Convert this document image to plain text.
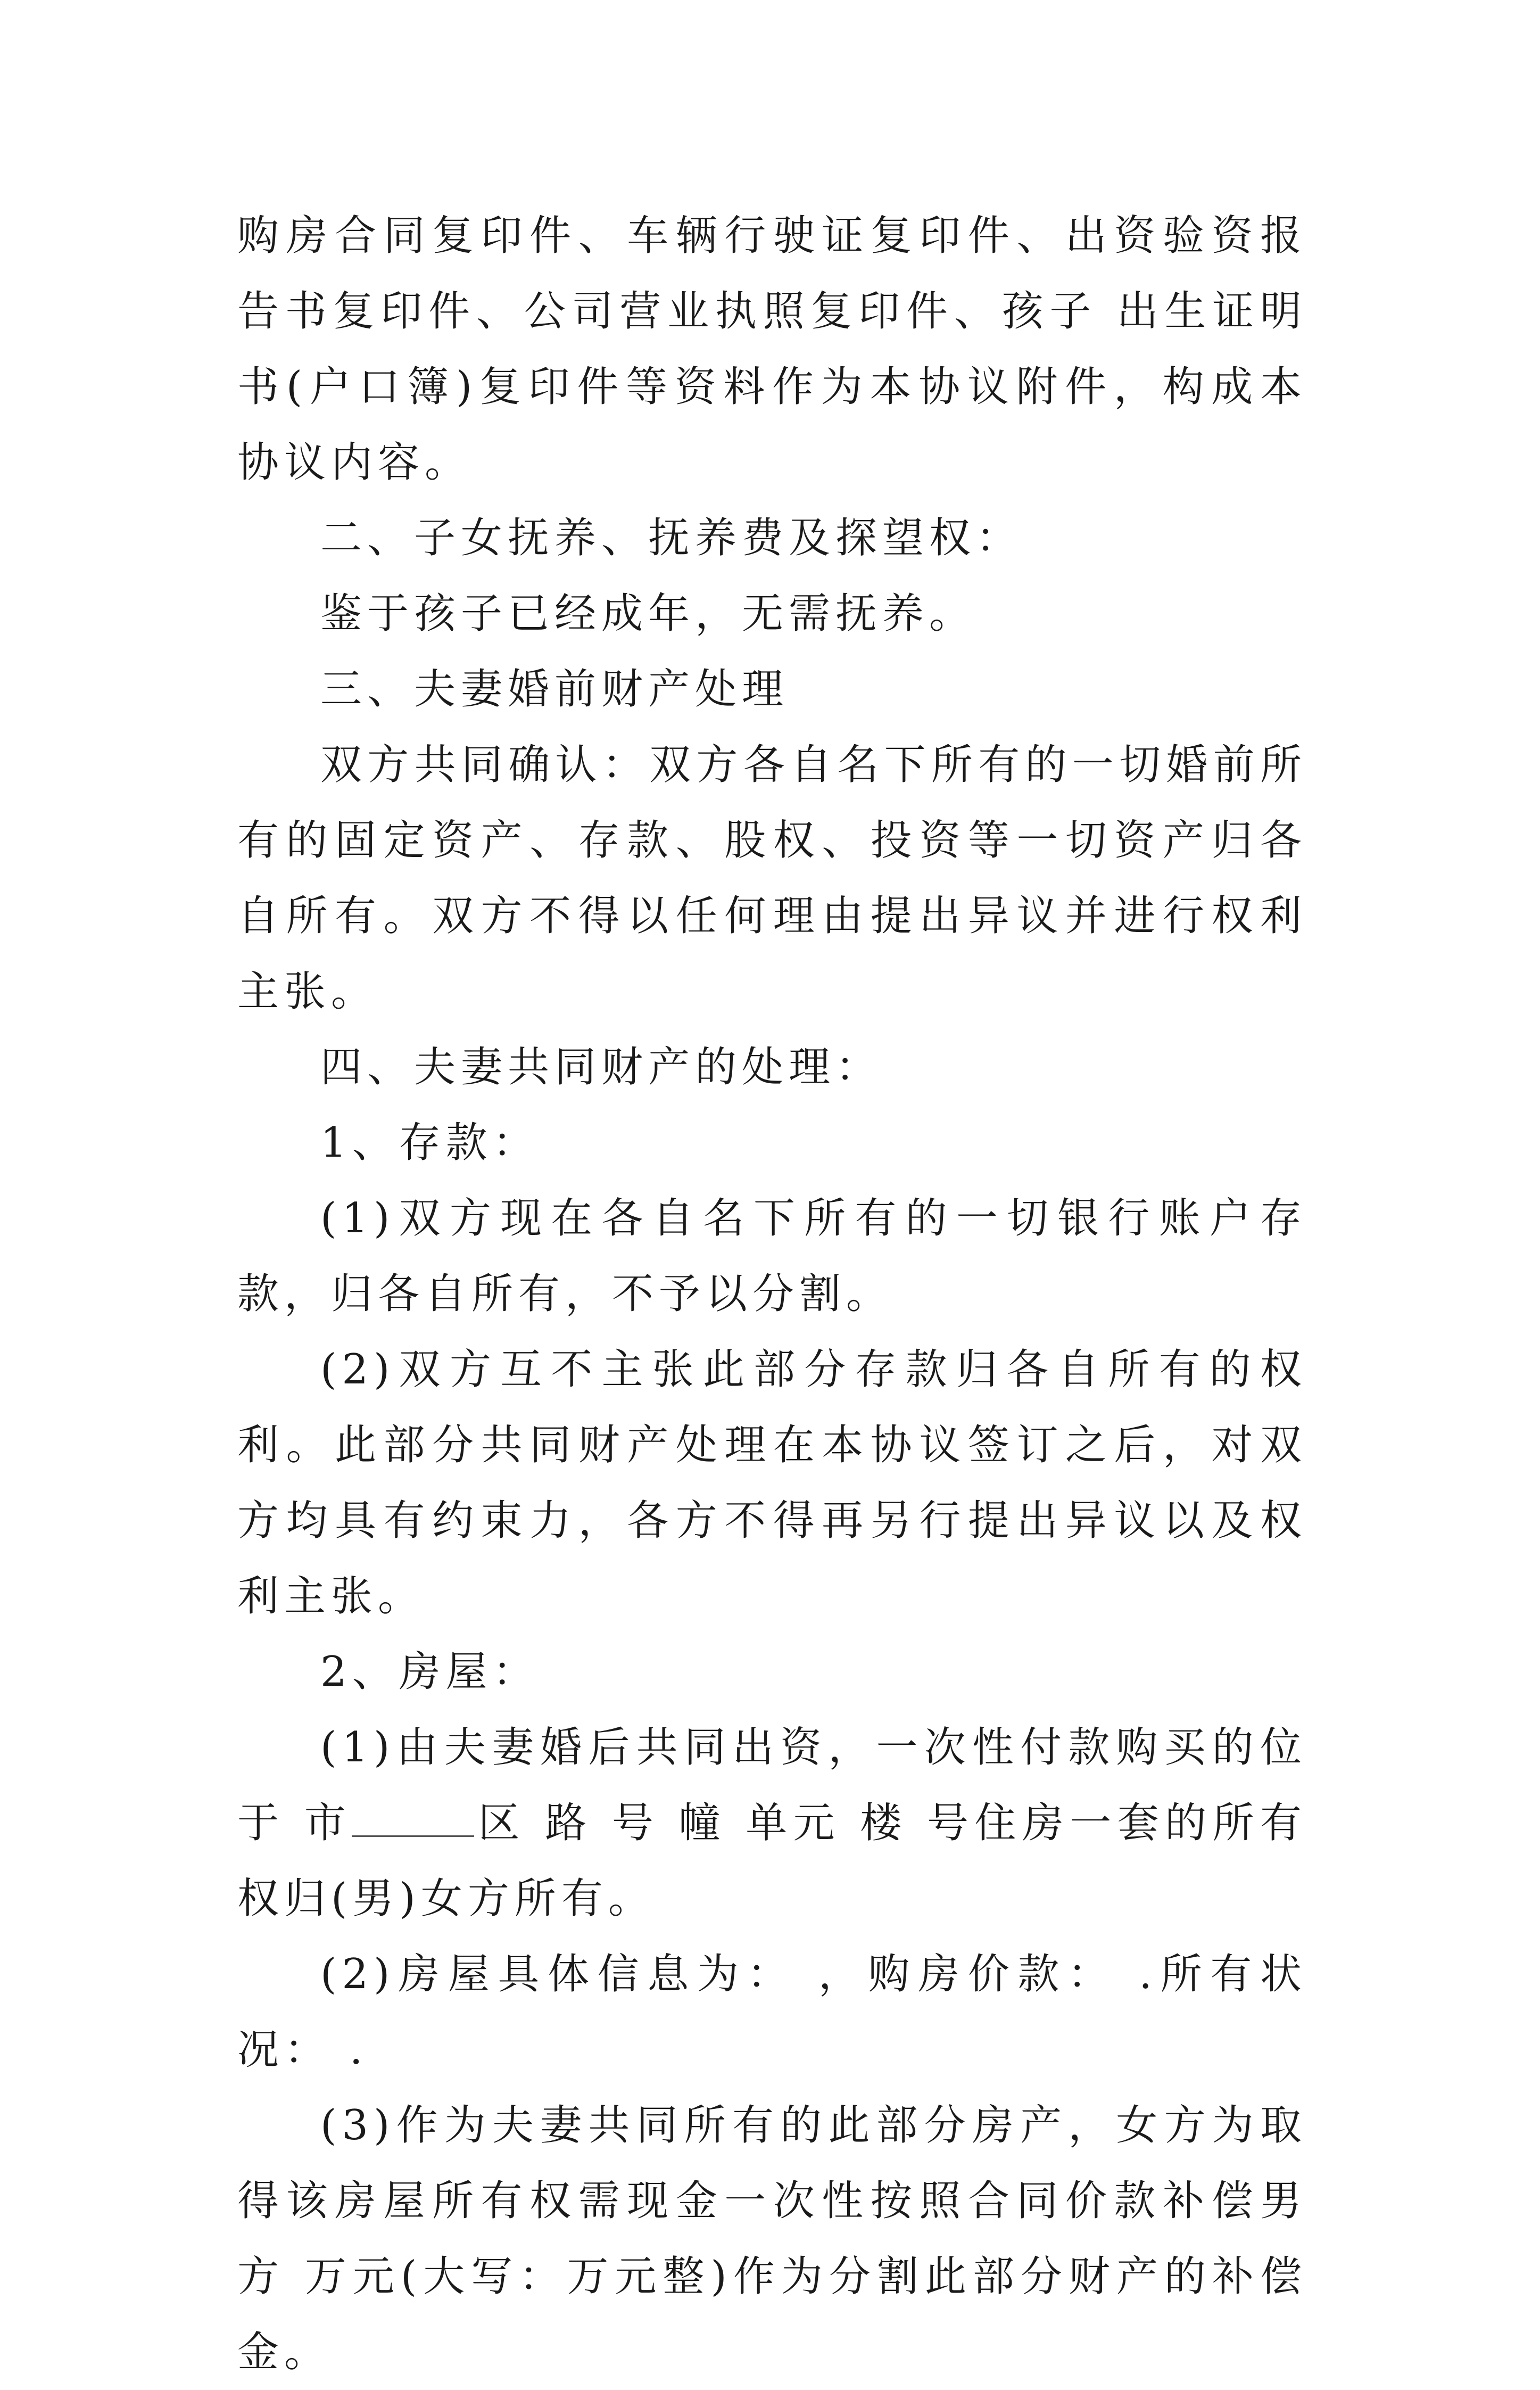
购房合同复印件、车辆行驶证复印件、出资验资报告书复印件、公司营业执照复印件、孩子 出生证明书(户口簿)复印件等资料作为本协议附件，构成本协议内容。

二、子女抚养、抚养费及探望权：

鉴于孩子已经成年，无需抚养。

三、夫妻婚前财产处理

双方共同确认：双方各自名下所有的一切婚前所有的固定资产、存款、股权、投资等一切资产归各自所有。双方不得以任何理由提出异议并进行权利主张。

四、夫妻共同财产的处理：

1、存款：

(1)双方现在各自名下所有的一切银行账户存款，归各自所有，不予以分割。

(2)双方互不主张此部分存款归各自所有的权利。此部分共同财产处理在本协议签订之后，对双方均具有约束力，各方不得再另行提出异议以及权利主张。

2、房屋：

(1)由夫妻婚后共同出资，一次性付款购买的位于 市	区 路 号 幢 单元 楼 号住房一套的所有权归(男)女方所有。

(2)房屋具体信息为： ，购房价款： .所有状况： .

(3)作为夫妻共同所有的此部分房产，女方为取得该房屋所有权需现金一次性按照合同价款补偿男方 万元(大写：万元整)作为分割此部分财产的补偿金。
